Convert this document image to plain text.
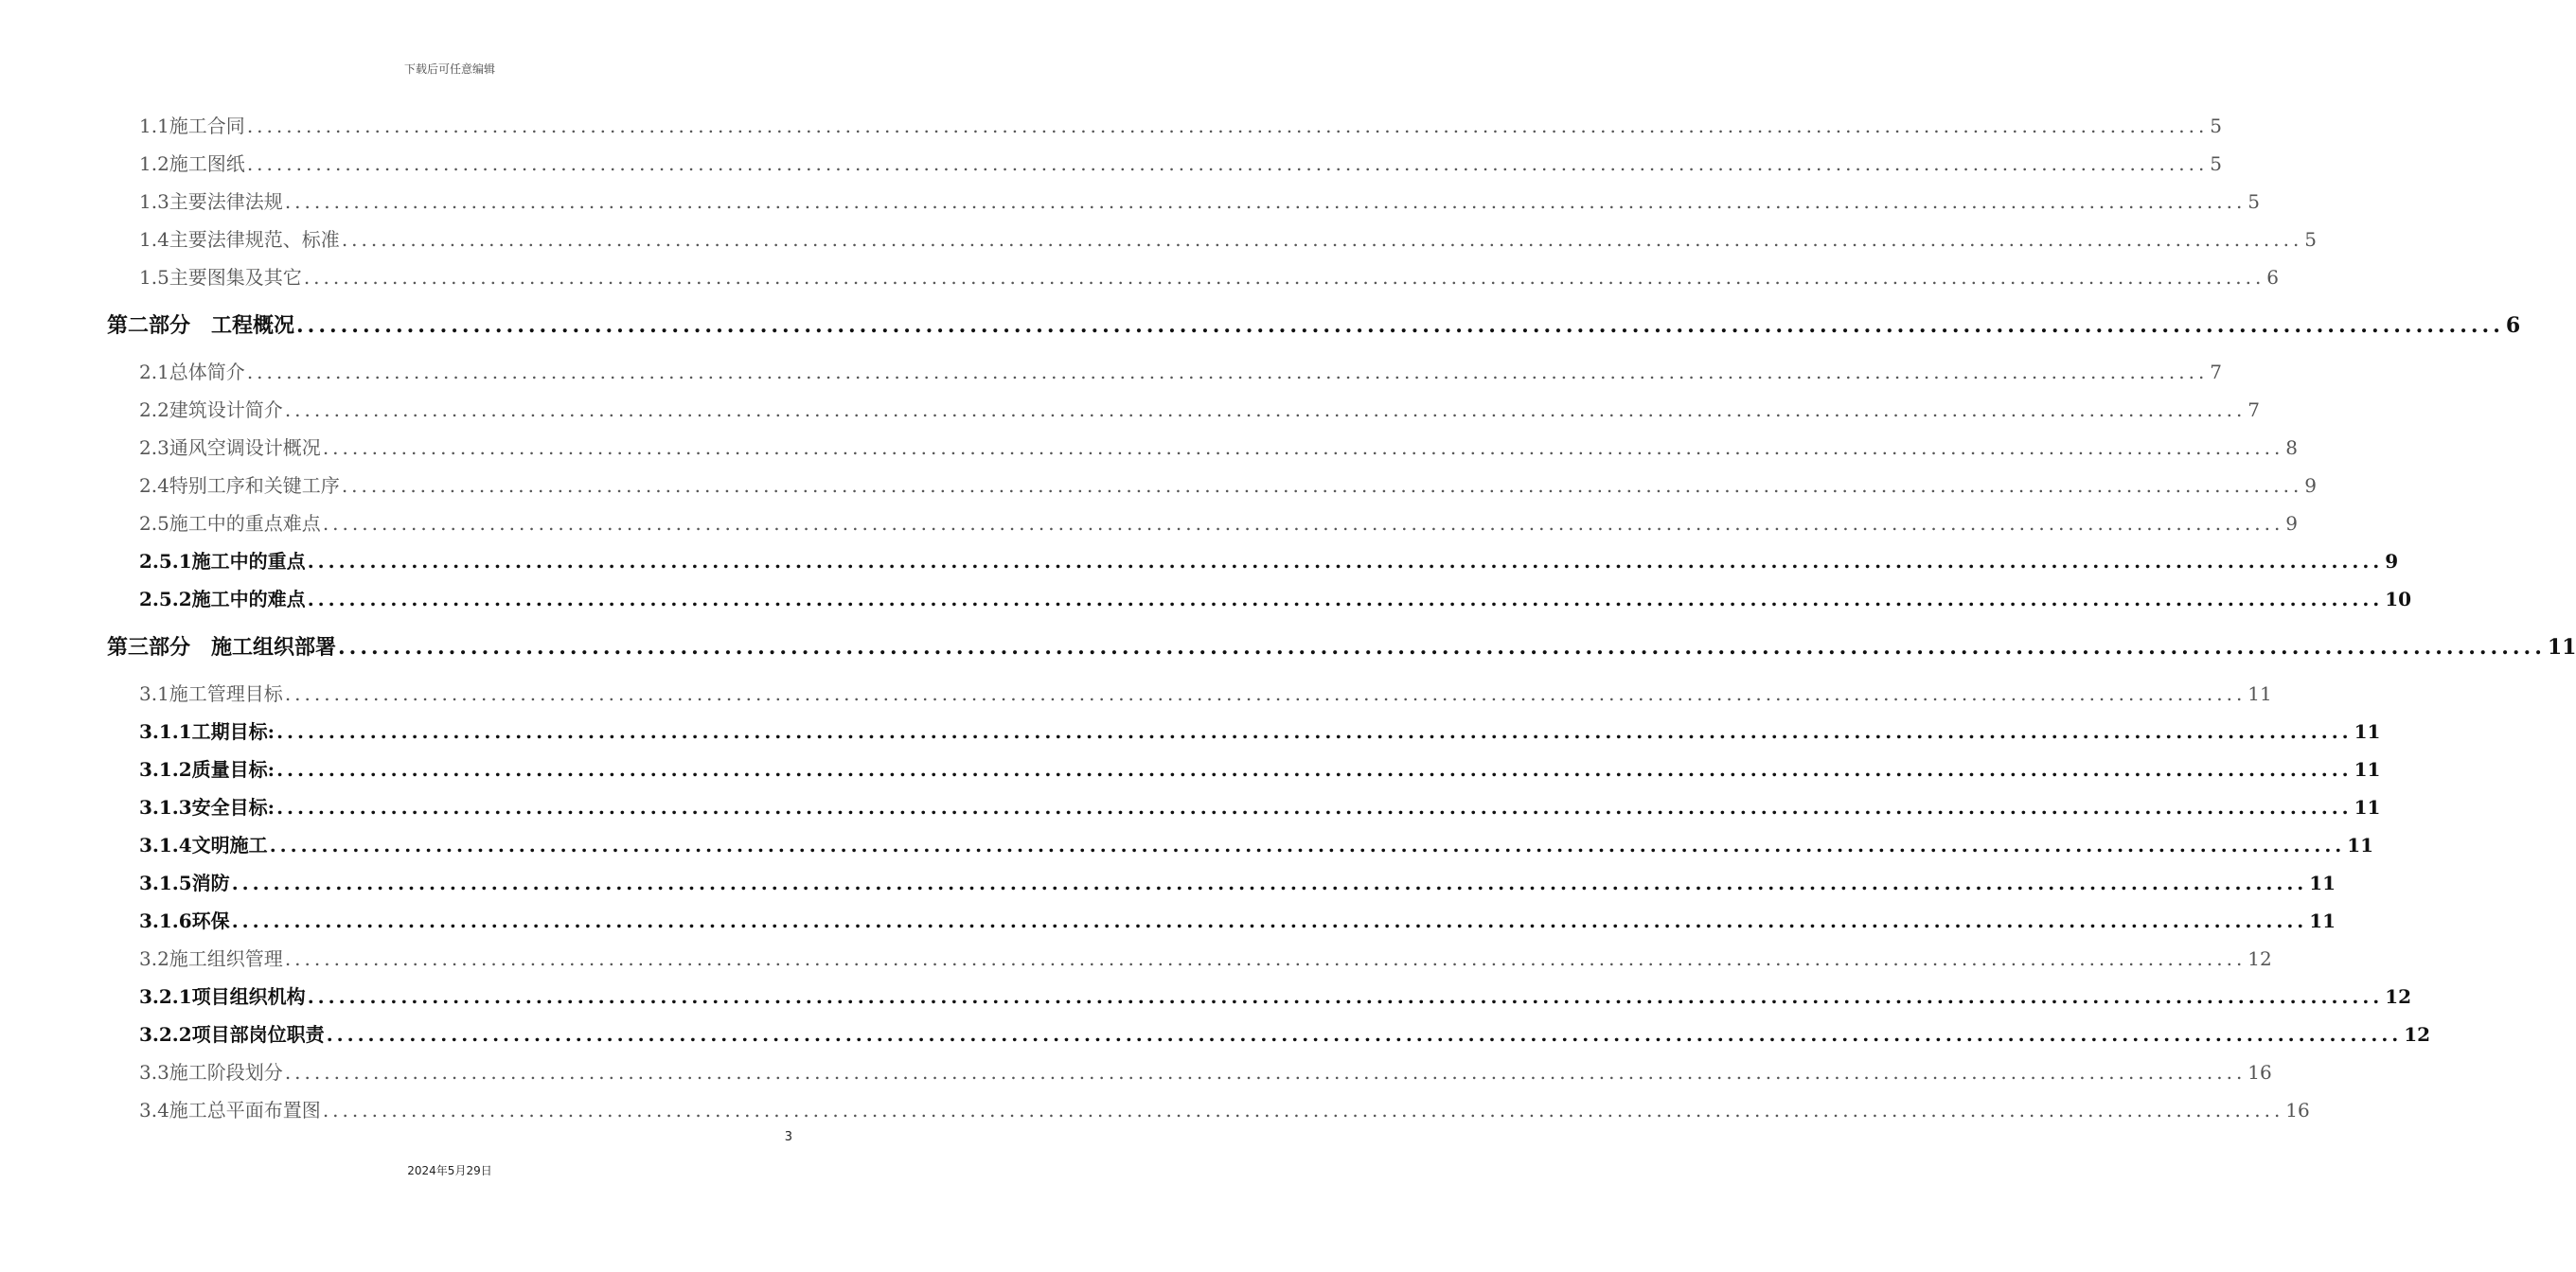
下载后可任意编辑
1.1施工合同 ........................................................................................................................................................................................................ 5
1.2施工图纸 ........................................................................................................................................................................................................ 5
1.3主要法律法规 ........................................................................................................................................................................................................ 5
1.4主要法律规范、标准 ........................................................................................................................................................................................................ 5
1.5主要图集及其它 ........................................................................................................................................................................................................ 6
第二部分　工程概况 ........................................................................................................................................................................................................ 6
2.1总体简介 ........................................................................................................................................................................................................ 7
2.2建筑设计简介 ........................................................................................................................................................................................................ 7
2.3通风空调设计概况 ........................................................................................................................................................................................................ 8
2.4特别工序和关键工序 ........................................................................................................................................................................................................ 9
2.5施工中的重点难点 ........................................................................................................................................................................................................ 9
2.5.1施工中的重点 ........................................................................................................................................................................................................ 9
2.5.2施工中的难点 ........................................................................................................................................................................................................ 10
第三部分　施工组织部署 ........................................................................................................................................................................................................ 11
3.1施工管理目标 ........................................................................................................................................................................................................ 11
3.1.1工期目标: ........................................................................................................................................................................................................ 11
3.1.2质量目标: ........................................................................................................................................................................................................ 11
3.1.3安全目标: ........................................................................................................................................................................................................ 11
3.1.4文明施工 ........................................................................................................................................................................................................ 11
3.1.5消防 ........................................................................................................................................................................................................ 11
3.1.6环保 ........................................................................................................................................................................................................ 11
3.2施工组织管理 ........................................................................................................................................................................................................ 12
3.2.1项目组织机构 ........................................................................................................................................................................................................ 12
3.2.2项目部岗位职责 ........................................................................................................................................................................................................ 12
3.3施工阶段划分 ........................................................................................................................................................................................................ 16
3.4施工总平面布置图 ........................................................................................................................................................................................................ 16
3
2024年5月29日
